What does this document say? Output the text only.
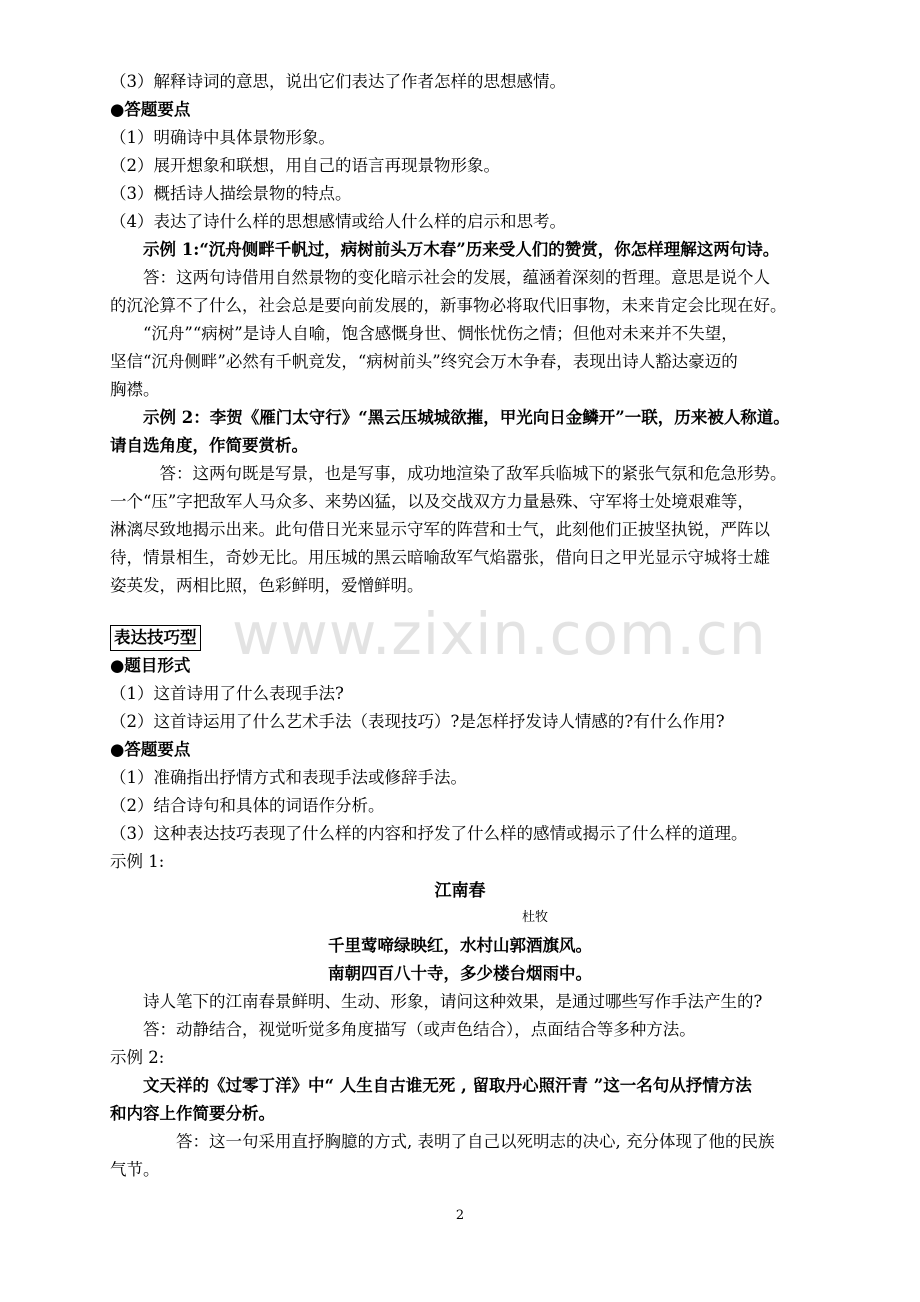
www.zixin.com.cn
（3）解释诗词的意思，说出它们表达了作者怎样的思想感情。
●答题要点
（1）明确诗中具体景物形象。
（2）展开想象和联想，用自己的语言再现景物形象。
（3）概括诗人描绘景物的特点。
（4）表达了诗什么样的思想感情或给人什么样的启示和思考。
　　示例 1:“沉舟侧畔千帆过，病树前头万木春”历来受人们的赞赏，你怎样理解这两句诗。
　　答：这两句诗借用自然景物的变化暗示社会的发展，蕴涵着深刻的哲理。意思是说个人
的沉沦算不了什么，社会总是要向前发展的，新事物必将取代旧事物，未来肯定会比现在好。
　　“沉舟”“病树”是诗人自喻，饱含感慨身世、惆怅忧伤之情；但他对未来并不失望，
坚信“沉舟侧畔”必然有千帆竞发，“病树前头”终究会万木争春，表现出诗人豁达豪迈的
胸襟。
　　示例 2：李贺《雁门太守行》“黑云压城城欲摧，甲光向日金鳞开”一联，历来被人称道。
请自选角度，作简要赏析。
　　　答：这两句既是写景，也是写事，成功地渲染了敌军兵临城下的紧张气氛和危急形势。
一个“压”字把敌军人马众多、来势凶猛，以及交战双方力量悬殊、守军将士处境艰难等，
淋漓尽致地揭示出来。此句借日光来显示守军的阵营和士气，此刻他们正披坚执锐，严阵以
待，情景相生，奇妙无比。用压城的黑云暗喻敌军气焰嚣张，借向日之甲光显示守城将士雄
姿英发，两相比照，色彩鲜明，爱憎鲜明。
表达技巧型
●题目形式
（1）这首诗用了什么表现手法?
（2）这首诗运用了什么艺术手法（表现技巧）?是怎样抒发诗人情感的?有什么作用?
●答题要点
（1）准确指出抒情方式和表现手法或修辞手法。
（2）结合诗句和具体的词语作分析。
（3）这种表达技巧表现了什么样的内容和抒发了什么样的感情或揭示了什么样的道理。
示例 1:
江南春
杜牧
千里莺啼绿映红，水村山郭酒旗风。
南朝四百八十寺，多少楼台烟雨中。
　　诗人笔下的江南春景鲜明、生动、形象，请问这种效果，是通过哪些写作手法产生的?
　　答：动静结合，视觉听觉多角度描写（或声色结合），点面结合等多种方法。
示例 2:
　　文天祥的《过零丁洋》中“ 人生自古谁无死 , 留取丹心照汗青 ”这一名句从抒情方法
和内容上作简要分析。
　　　　答：这一句采用直抒胸臆的方式, 表明了自己以死明志的决心, 充分体现了他的民族
气节。
2
